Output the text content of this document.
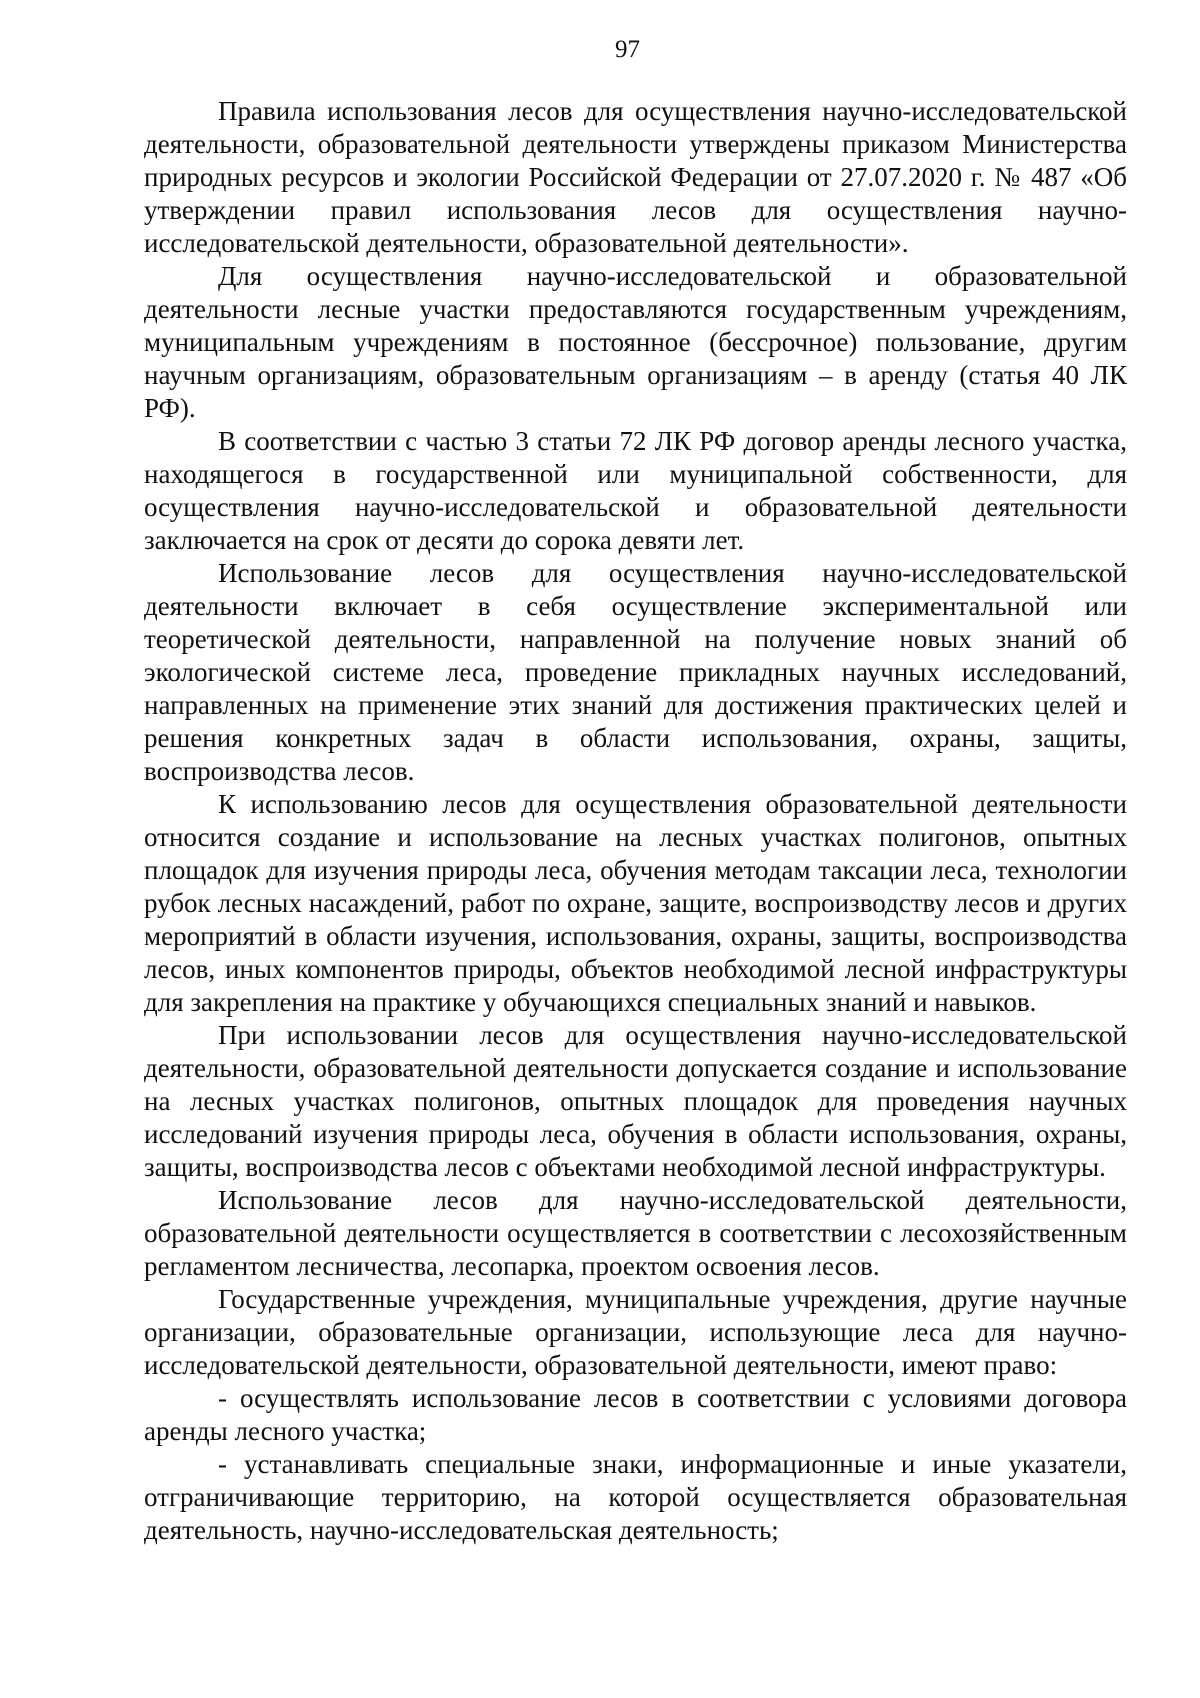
97

Правила использования лесов для осуществления научно-исследовательской деятельности, образовательной деятельности утверждены приказом Министерства природных ресурсов и экологии Российской Федерации от 27.07.2020 г. № 487 «Об утверждении правил использования лесов для осуществления научно-исследовательской деятельности, образовательной деятельности».

Для осуществления научно-исследовательской и образовательной деятельности лесные участки предоставляются государственным учреждениям, муниципальным учреждениям в постоянное (бессрочное) пользование, другим научным организациям, образовательным организациям – в аренду (статья 40 ЛК РФ).

В соответствии с частью 3 статьи 72 ЛК РФ договор аренды лесного участка, находящегося в государственной или муниципальной собственности, для осуществления научно-исследовательской и образовательной деятельности заключается на срок от десяти до сорока девяти лет.

Использование лесов для осуществления научно-исследовательской деятельности включает в себя осуществление экспериментальной или теоретической деятельности, направленной на получение новых знаний об экологической системе леса, проведение прикладных научных исследований, направленных на применение этих знаний для достижения практических целей и решения конкретных задач в области использования, охраны, защиты, воспроизводства лесов.

К использованию лесов для осуществления образовательной деятельности относится создание и использование на лесных участках полигонов, опытных площадок для изучения природы леса, обучения методам таксации леса, технологии рубок лесных насаждений, работ по охране, защите, воспроизводству лесов и других мероприятий в области изучения, использования, охраны, защиты, воспроизводства лесов, иных компонентов природы, объектов необходимой лесной инфраструктуры для закрепления на практике у обучающихся специальных знаний и навыков.

При использовании лесов для осуществления научно-исследовательской деятельности, образовательной деятельности допускается создание и использование на лесных участках полигонов, опытных площадок для проведения научных исследований изучения природы леса, обучения в области использования, охраны, защиты, воспроизводства лесов с объектами необходимой лесной инфраструктуры.

Использование лесов для научно-исследовательской деятельности, образовательной деятельности осуществляется в соответствии с лесохозяйственным регламентом лесничества, лесопарка, проектом освоения лесов.

Государственные учреждения, муниципальные учреждения, другие научные организации, образовательные организации, использующие леса для научно-исследовательской деятельности, образовательной деятельности, имеют право:

- осуществлять использование лесов в соответствии с условиями договора аренды лесного участка;

- устанавливать специальные знаки, информационные и иные указатели, отграничивающие территорию, на которой осуществляется образовательная деятельность, научно-исследовательская деятельность;
